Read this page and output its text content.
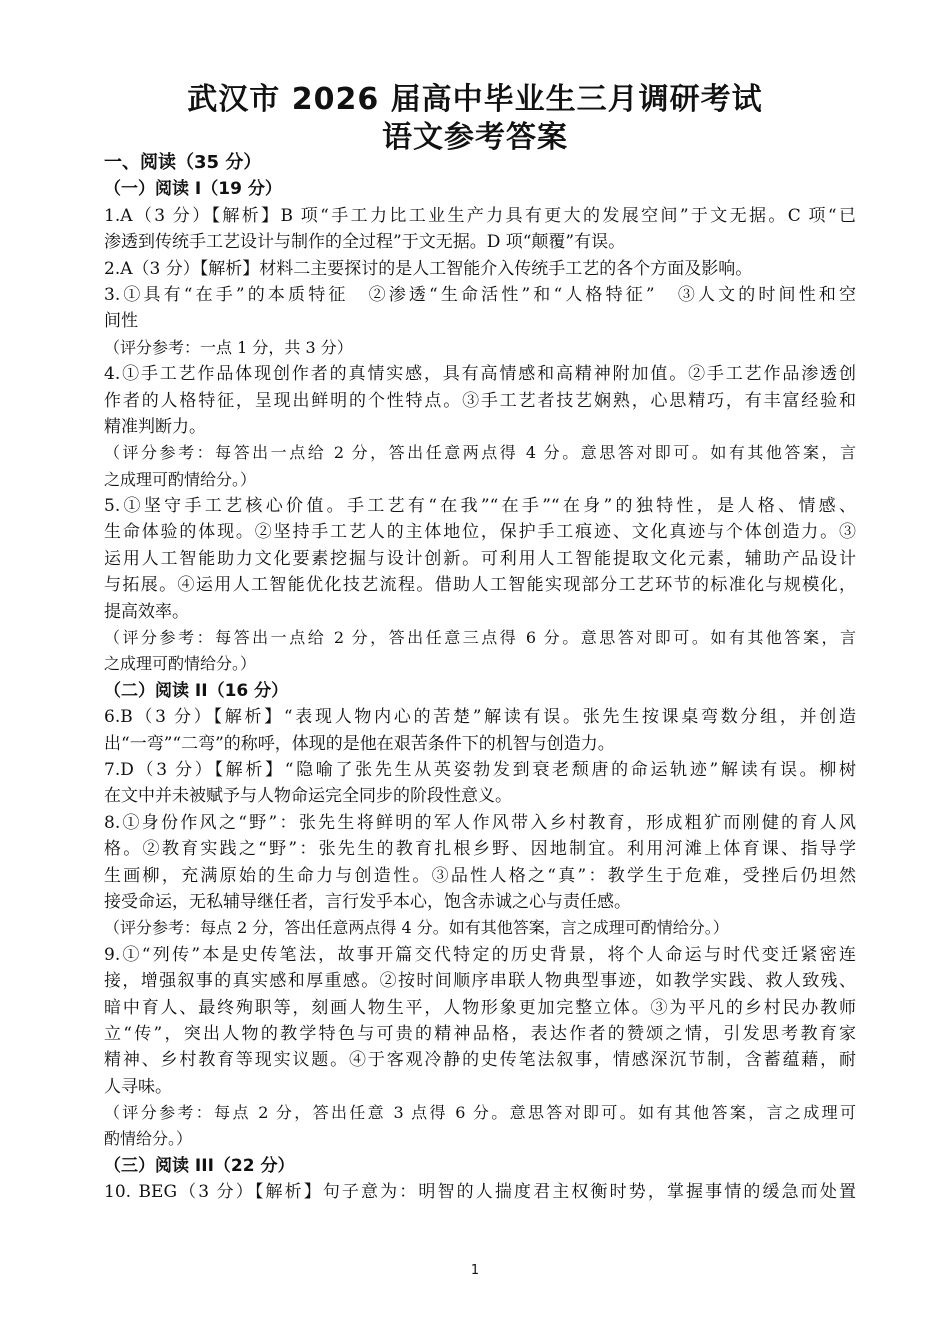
武汉市 2026 届高中毕业生三月调研考试
语文参考答案
一、阅读（35 分）
（一）阅读 I（19 分）
1.A（3 分）【解析】B 项“手工力比工业生产力具有更大的发展空间”于文无据。C 项“已
渗透到传统手工艺设计与制作的全过程”于文无据。D 项“颠覆”有误。
2.A（3 分）【解析】材料二主要探讨的是人工智能介入传统手工艺的各个方面及影响。
3.①具有“在手”的本质特征　②渗透“生命活性”和“人格特征”　③人文的时间性和空
间性
（评分参考：一点 1 分，共 3 分）
4.①手工艺作品体现创作者的真情实感，具有高情感和高精神附加值。②手工艺作品渗透创
作者的人格特征，呈现出鲜明的个性特点。③手工艺者技艺娴熟，心思精巧，有丰富经验和
精准判断力。
（评分参考：每答出一点给 2 分，答出任意两点得 4 分。意思答对即可。如有其他答案，言
之成理可酌情给分。）
5.①坚守手工艺核心价值。手工艺有“在我”“在手”“在身”的独特性，是人格、情感、
生命体验的体现。②坚持手工艺人的主体地位，保护手工痕迹、文化真迹与个体创造力。③
运用人工智能助力文化要素挖掘与设计创新。可利用人工智能提取文化元素，辅助产品设计
与拓展。④运用人工智能优化技艺流程。借助人工智能实现部分工艺环节的标准化与规模化，
提高效率。
（评分参考：每答出一点给 2 分，答出任意三点得 6 分。意思答对即可。如有其他答案，言
之成理可酌情给分。）
（二）阅读 II（16 分）
6.B（3 分）【解析】“表现人物内心的苦楚”解读有误。张先生按课桌弯数分组，并创造
出“一弯”“二弯”的称呼，体现的是他在艰苦条件下的机智与创造力。
7.D（3 分）【解析】“隐喻了张先生从英姿勃发到衰老颓唐的命运轨迹”解读有误。柳树
在文中并未被赋予与人物命运完全同步的阶段性意义。
8.①身份作风之“野”：张先生将鲜明的军人作风带入乡村教育，形成粗犷而刚健的育人风
格。②教育实践之“野”：张先生的教育扎根乡野、因地制宜。利用河滩上体育课、指导学
生画柳，充满原始的生命力与创造性。③品性人格之“真”：教学生于危难，受挫后仍坦然
接受命运，无私辅导继任者，言行发乎本心，饱含赤诚之心与责任感。
（评分参考：每点 2 分，答出任意两点得 4 分。如有其他答案，言之成理可酌情给分。）
9.①“列传”本是史传笔法，故事开篇交代特定的历史背景，将个人命运与时代变迁紧密连
接，增强叙事的真实感和厚重感。②按时间顺序串联人物典型事迹，如教学实践、救人致残、
暗中育人、最终殉职等，刻画人物生平，人物形象更加完整立体。③为平凡的乡村民办教师
立“传”，突出人物的教学特色与可贵的精神品格，表达作者的赞颂之情，引发思考教育家
精神、乡村教育等现实议题。④于客观冷静的史传笔法叙事，情感深沉节制，含蓄蕴藉，耐
人寻味。
（评分参考：每点 2 分，答出任意 3 点得 6 分。意思答对即可。如有其他答案，言之成理可
酌情给分。）
（三）阅读 III（22 分）
10. BEG（3 分）【解析】句子意为：明智的人揣度君主权衡时势，掌握事情的缓急而处置
1
